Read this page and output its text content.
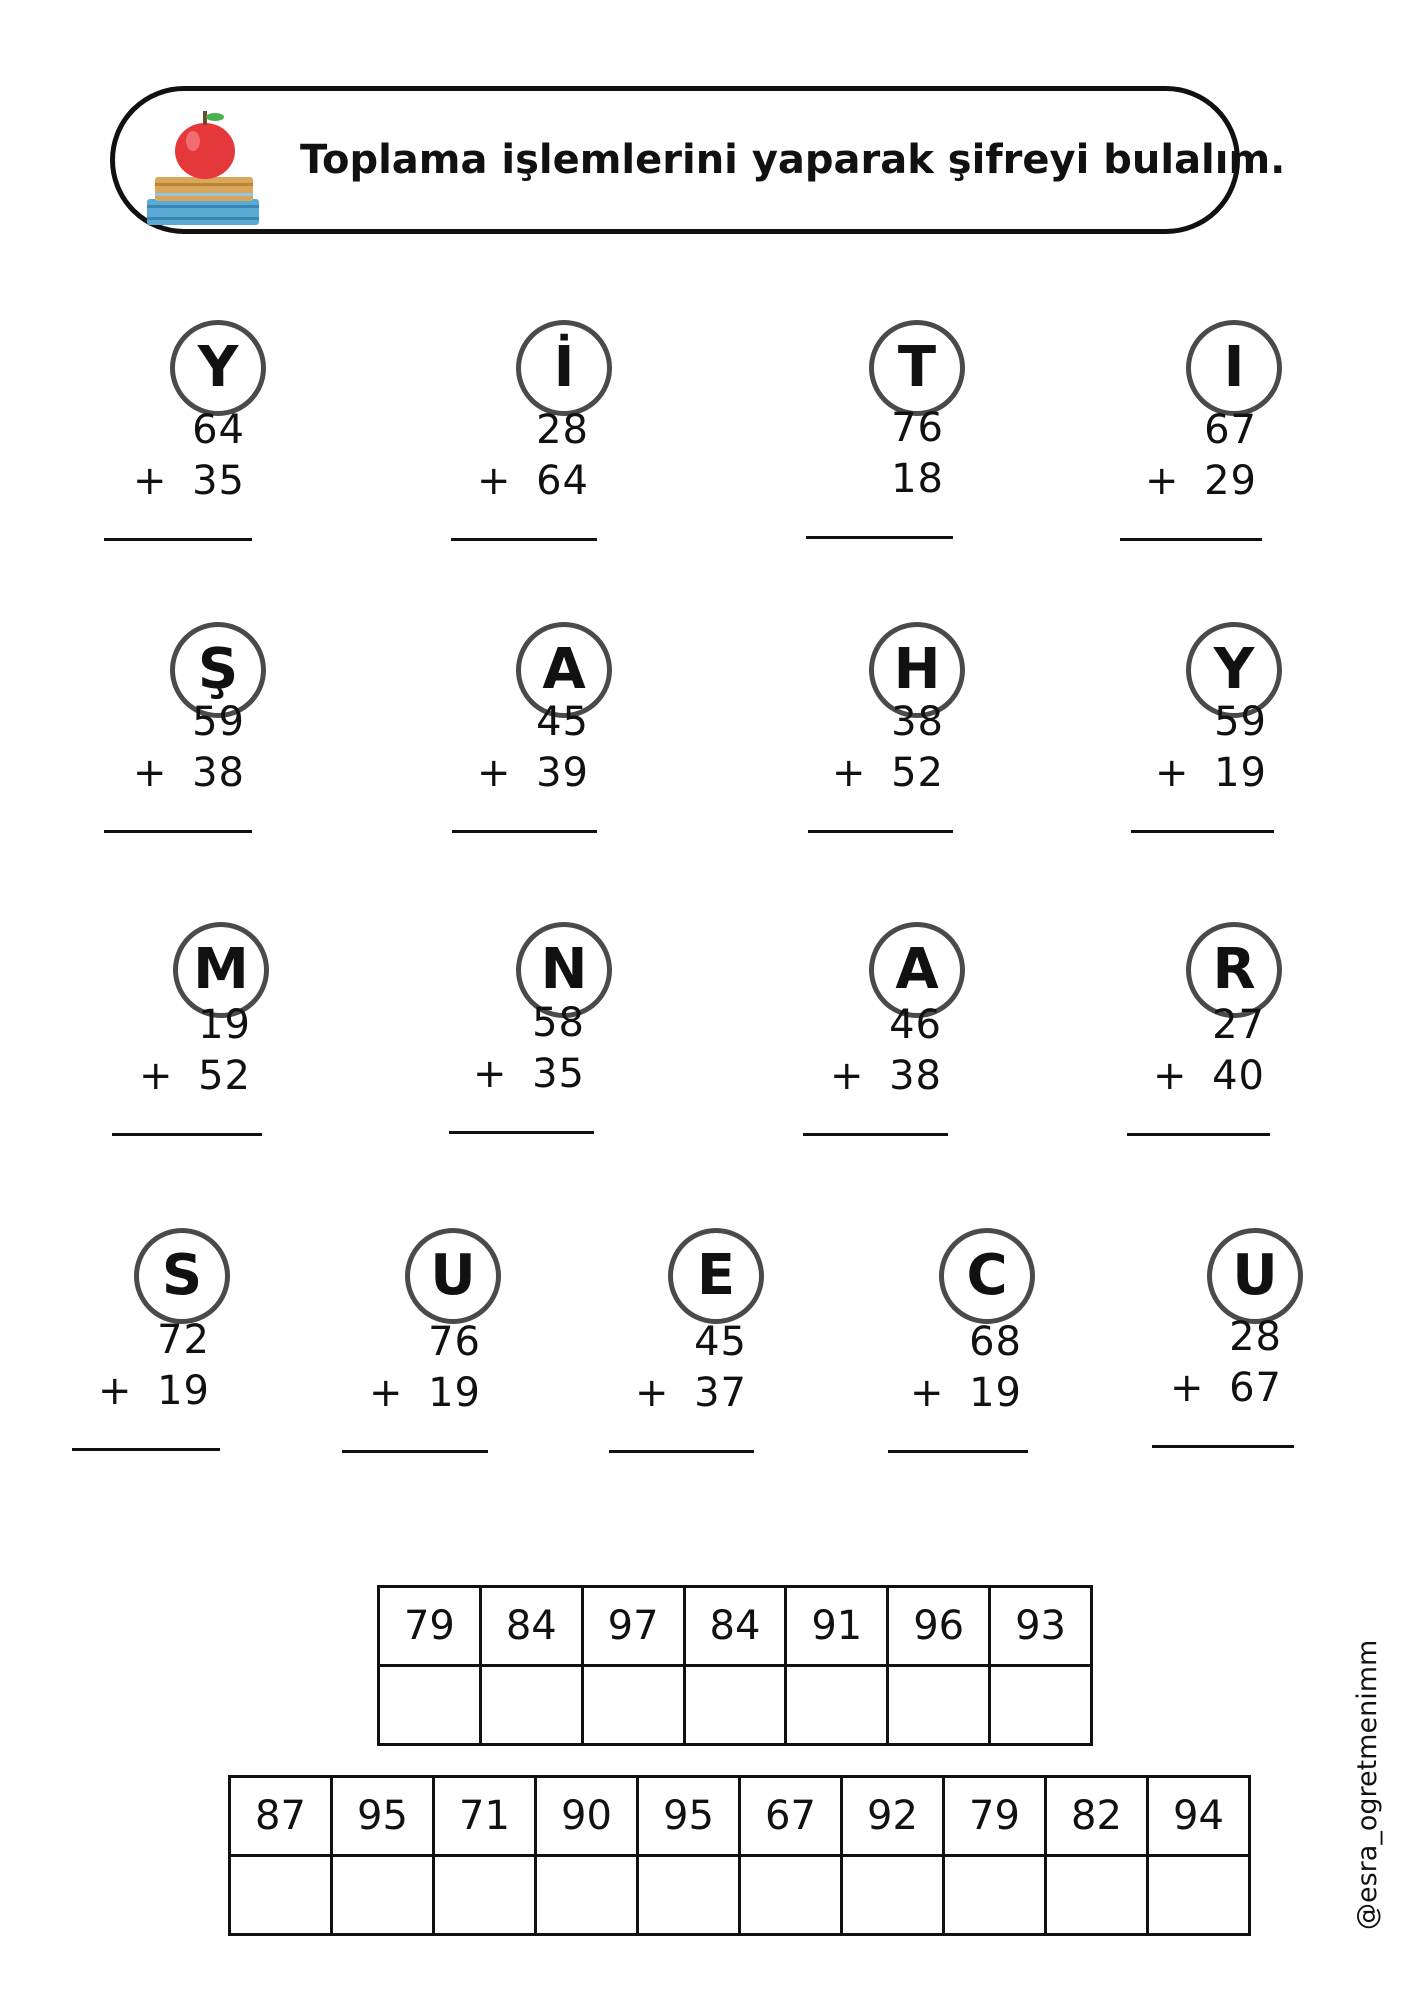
Toplama işlemlerini yaparak şifreyi bulalım.
Y
64
35
+
İ
28
64
+
T
76
18
I
67
29
+
Ş
59
38
+
A
45
39
+
H
38
52
+
Y
59
19
+
M
19
52
+
N
58
35
+
A
46
38
+
R
27
40
+
S
72
19
+
U
76
19
+
E
45
37
+
C
68
19
+
U
28
67
+
79	84	97	84	91	96	93

87	95	71	90	95	67	92	79	82	94
										@esra_ogretmenimm
